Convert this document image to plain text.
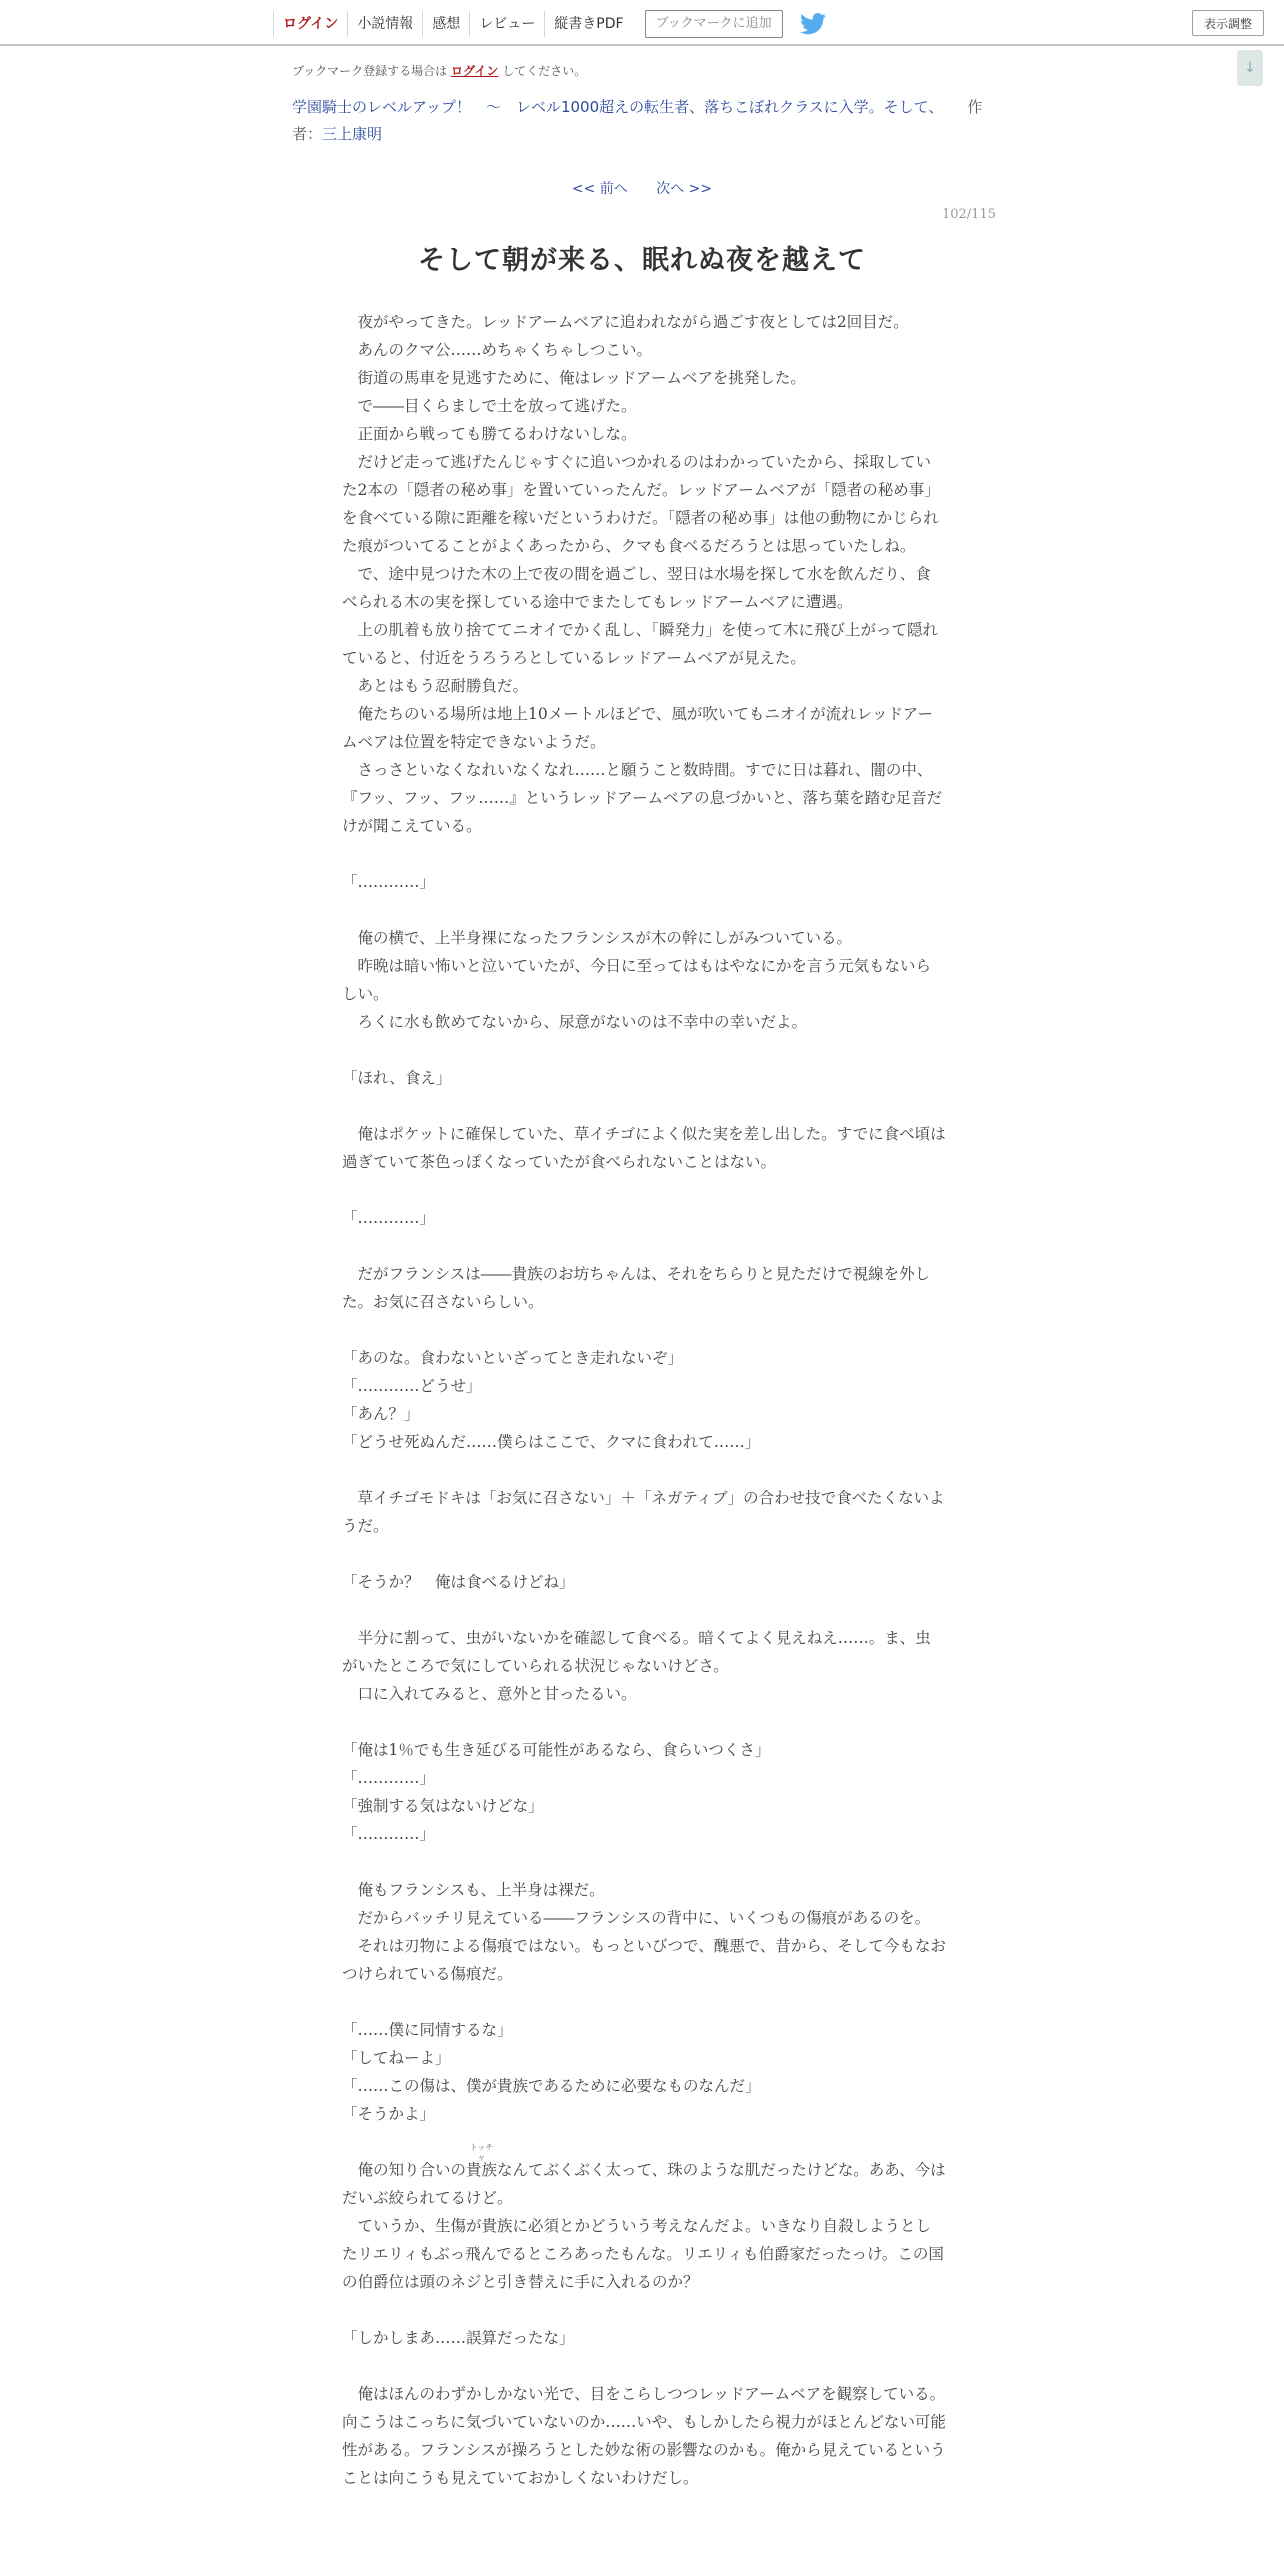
ログイン	小説情報	感想	レビュー	縦書きPDF	ブックマークに追加	表示調整
↓
ブックマーク登録する場合は ログイン してください。
学園騎士のレベルアップ！　〜　レベル1000超えの転生者、落ちこぼれクラスに入学。そして、 作者：三上康明
<< 前へ 次へ >>
102/115
そして朝が来る、眠れぬ夜を越えて

　夜がやってきた。レッドアームベアに追われながら過ごす夜としては2回目だ。

　あんのクマ公……めちゃくちゃしつこい。

　街道の馬車を見逃すために、俺はレッドアームベアを挑発した。

　で――目くらましで土を放って逃げた。

　正面から戦っても勝てるわけないしな。

　だけど走って逃げたんじゃすぐに追いつかれるのはわかっていたから、採取していた2本の「隠者の秘め事」を置いていったんだ。レッドアームベアが「隠者の秘め事」を食べている隙に距離を稼いだというわけだ。「隠者の秘め事」は他の動物にかじられた痕がついてることがよくあったから、クマも食べるだろうとは思っていたしね。

　で、途中見つけた木の上で夜の間を過ごし、翌日は水場を探して水を飲んだり、食べられる木の実を探している途中でまたしてもレッドアームベアに遭遇。

　上の肌着も放り捨ててニオイでかく乱し、「瞬発力」を使って木に飛び上がって隠れていると、付近をうろうろとしているレッドアームベアが見えた。

　あとはもう忍耐勝負だ。

　俺たちのいる場所は地上10メートルほどで、風が吹いてもニオイが流れレッドアームベアは位置を特定できないようだ。

　さっさといなくなれいなくなれ……と願うこと数時間。すでに日は暮れ、闇の中、『フッ、フッ、フッ……』というレッドアームベアの息づかいと、落ち葉を踏む足音だけが聞こえている。

「…………」

　俺の横で、上半身裸になったフランシスが木の幹にしがみついている。

　昨晩は暗い怖いと泣いていたが、今日に至ってはもはやなにかを言う元気もないらしい。

　ろくに水も飲めてないから、尿意がないのは不幸中の幸いだよ。

「ほれ、食え」

　俺はポケットに確保していた、草イチゴによく似た実を差し出した。すでに食べ頃は過ぎていて茶色っぽくなっていたが食べられないことはない。

「…………」

　だがフランシスは――貴族のお坊ちゃんは、それをちらりと見ただけで視線を外した。お気に召さないらしい。

「あのな。食わないといざってとき走れないぞ」

「…………どうせ」

「あん？」

「どうせ死ぬんだ……僕らはここで、クマに食われて……」

　草イチゴモドキは「お気に召さない」＋「ネガティブ」の合わせ技で食べたくないようだ。

「そうか？　俺は食べるけどね」

　半分に割って、虫がいないかを確認して食べる。暗くてよく見えねえ……。ま、虫がいたところで気にしていられる状況じゃないけどさ。

　口に入れてみると、意外と甘ったるい。

「俺は1％でも生き延びる可能性があるなら、食らいつくさ」

「…………」

「強制する気はないけどな」

「…………」

　俺もフランシスも、上半身は裸だ。

　だからバッチリ見えている――フランシスの背中に、いくつもの傷痕があるのを。

　それは刃物による傷痕ではない。もっといびつで、醜悪で、昔から、そして今もなおつけられている傷痕だ。

「……僕に同情するな」

「してねーよ」

「……この傷は、僕が貴族であるために必要なものなんだ」

「そうかよ」

　俺の知り合いの
トッチャ
貴族なんてぶくぶく太って、珠のような肌だったけどな。ああ、今はだいぶ絞られてるけど。

　ていうか、生傷が貴族に必須とかどういう考えなんだよ。いきなり自殺しようとしたリエリィもぶっ飛んでるところあったもんな。リエリィも伯爵家だったっけ。この国の伯爵位は頭のネジと引き替えに手に入れるのか？

「しかしまあ……誤算だったな」

　俺はほんのわずかしかない光で、目をこらしつつレッドアームベアを観察している。向こうはこっちに気づいていないのか……いや、もしかしたら視力がほとんどない可能性がある。フランシスが操ろうとした妙な術の影響なのかも。俺から見えているということは向こうも見えていておかしくないわけだし。
